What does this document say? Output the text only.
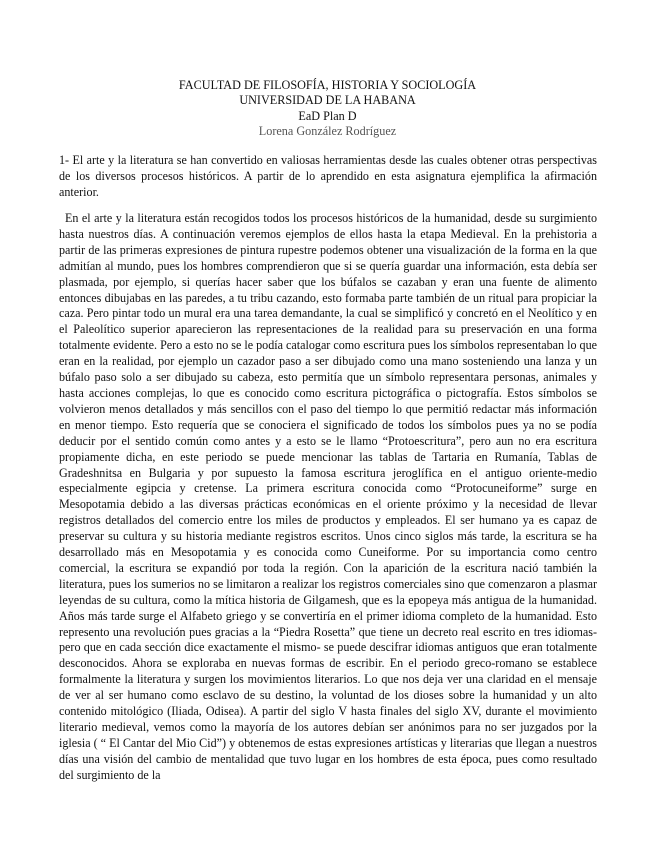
FACULTAD DE FILOSOFÍA, HISTORIA Y SOCIOLOGÍA
UNIVERSIDAD DE LA HABANA
EaD Plan D
Lorena González Rodríguez

1- El arte y la literatura se han convertido en valiosas herramientas desde las cuales obtener otras perspectivas de los diversos procesos históricos. A partir de lo aprendido en esta asignatura ejemplifica la afirmación anterior.

En el arte y la literatura están recogidos todos los procesos históricos de la humanidad, desde su surgimiento hasta nuestros días. A continuación veremos ejemplos de ellos hasta la etapa Medieval. En la prehistoria a partir de las primeras expresiones de pintura rupestre podemos obtener una visualización de la forma en la que admitían al mundo, pues los hombres comprendieron que si se quería guardar una información, esta debía ser plasmada, por ejemplo, si querías hacer saber que los búfalos se cazaban y eran una fuente de alimento entonces dibujabas en las paredes, a tu tribu cazando, esto formaba parte también de un ritual para propiciar la caza. Pero pintar todo un mural era una tarea demandante, la cual se simplificó y concretó en el Neolítico y en el Paleolítico superior aparecieron las representaciones de la realidad para su preservación en una forma totalmente evidente. Pero a esto no se le podía catalogar como escritura pues los símbolos representaban lo que eran en la realidad, por ejemplo un cazador paso a ser dibujado como una mano sosteniendo una lanza y un búfalo paso solo a ser dibujado su cabeza, esto permitía que un símbolo representara personas, animales y hasta acciones complejas, lo que es conocido como escritura pictográfica o pictografía. Estos símbolos se volvieron menos detallados y más sencillos con el paso del tiempo lo que permitió redactar más información en menor tiempo. Esto requería que se conociera el significado de todos los símbolos pues ya no se podía deducir por el sentido común como antes y a esto se le llamo “Protoescritura”, pero aun no era escritura propiamente dicha, en este periodo se puede mencionar las tablas de Tartaria en Rumanía, Tablas de Gradeshnitsa en Bulgaria y por supuesto la famosa escritura jeroglífica en el antiguo oriente-medio especialmente egipcia y cretense. La primera escritura conocida como “Protocuneiforme” surge en Mesopotamia debido a las diversas prácticas económicas en el oriente próximo y la necesidad de llevar registros detallados del comercio entre los miles de productos y empleados. El ser humano ya es capaz de preservar su cultura y su historia mediante registros escritos. Unos cinco siglos más tarde, la escritura se ha desarrollado más en Mesopotamia y es conocida como Cuneiforme. Por su importancia como centro comercial, la escritura se expandió por toda la región. Con la aparición de la escritura nació también la literatura, pues los sumerios no se limitaron a realizar los registros comerciales sino que comenzaron a plasmar leyendas de su cultura, como la mítica historia de Gilgamesh, que es la epopeya más antigua de la humanidad. Años más tarde surge el Alfabeto griego y se convertiría en el primer idioma completo de la humanidad. Esto represento una revolución pues gracias a la “Piedra Rosetta” que tiene un decreto real escrito en tres idiomas- pero que en cada sección dice exactamente el mismo- se puede descifrar idiomas antiguos que eran totalmente desconocidos. Ahora se exploraba en nuevas formas de escribir. En el periodo greco-romano se establece formalmente la literatura y surgen los movimientos literarios. Lo que nos deja ver una claridad en el mensaje de ver al ser humano como esclavo de su destino, la voluntad de los dioses sobre la humanidad y un alto contenido mitológico (Iliada, Odisea). A partir del siglo V hasta finales del siglo XV, durante el movimiento literario medieval, vemos como la mayoría de los autores debían ser anónimos para no ser juzgados por la iglesia ( “ El Cantar del Mio Cid”) y obtenemos de estas expresiones artísticas y literarias que llegan a nuestros días una visión del cambio de mentalidad que tuvo lugar en los hombres de esta época, pues como resultado del surgimiento de la
